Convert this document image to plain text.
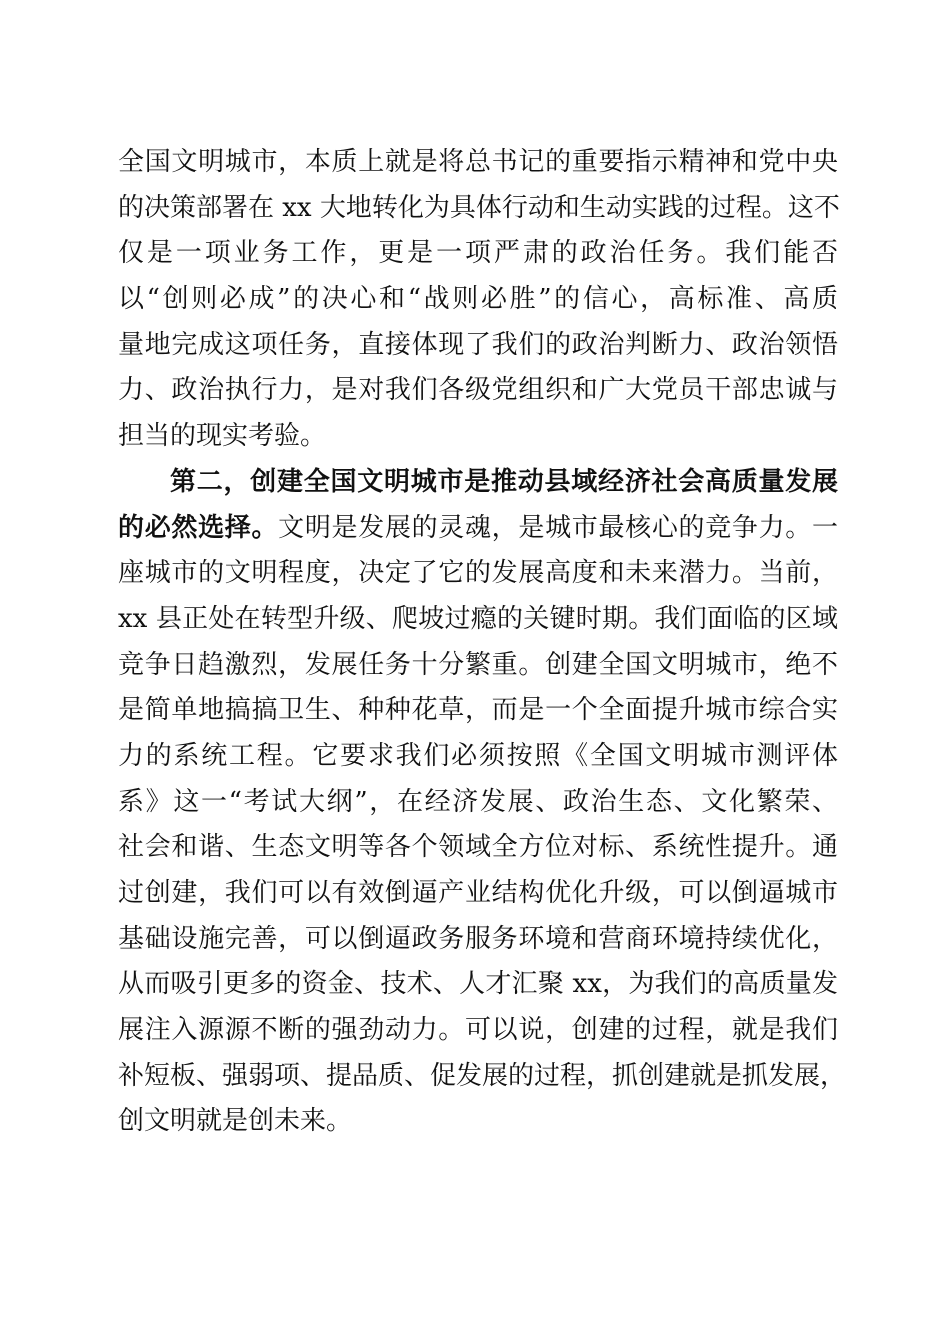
全国文明城市，本质上就是将总书记的重要指示精神和党中央
的决策部署在 xx 大地转化为具体行动和生动实践的过程。这不
仅是一项业务工作，更是一项严肃的政治任务。我们能否
以“创则必成”的决心和“战则必胜”的信心，高标准、高质
量地完成这项任务，直接体现了我们的政治判断力、政治领悟
力、政治执行力，是对我们各级党组织和广大党员干部忠诚与
担当的现实考验。
第二，创建全国文明城市是推动县域经济社会高质量发展
的必然选择。文明是发展的灵魂，是城市最核心的竞争力。一
座城市的文明程度，决定了它的发展高度和未来潜力。当前，
xx 县正处在转型升级、爬坡过瘾的关键时期。我们面临的区域
竞争日趋激烈，发展任务十分繁重。创建全国文明城市，绝不
是简单地搞搞卫生、种种花草，而是一个全面提升城市综合实
力的系统工程。它要求我们必须按照《全国文明城市测评体
系》这一“考试大纲”，在经济发展、政治生态、文化繁荣、
社会和谐、生态文明等各个领域全方位对标、系统性提升。通
过创建，我们可以有效倒逼产业结构优化升级，可以倒逼城市
基础设施完善，可以倒逼政务服务环境和营商环境持续优化，
从而吸引更多的资金、技术、人才汇聚 xx，为我们的高质量发
展注入源源不断的强劲动力。可以说，创建的过程，就是我们
补短板、强弱项、提品质、促发展的过程，抓创建就是抓发展，
创文明就是创未来。
